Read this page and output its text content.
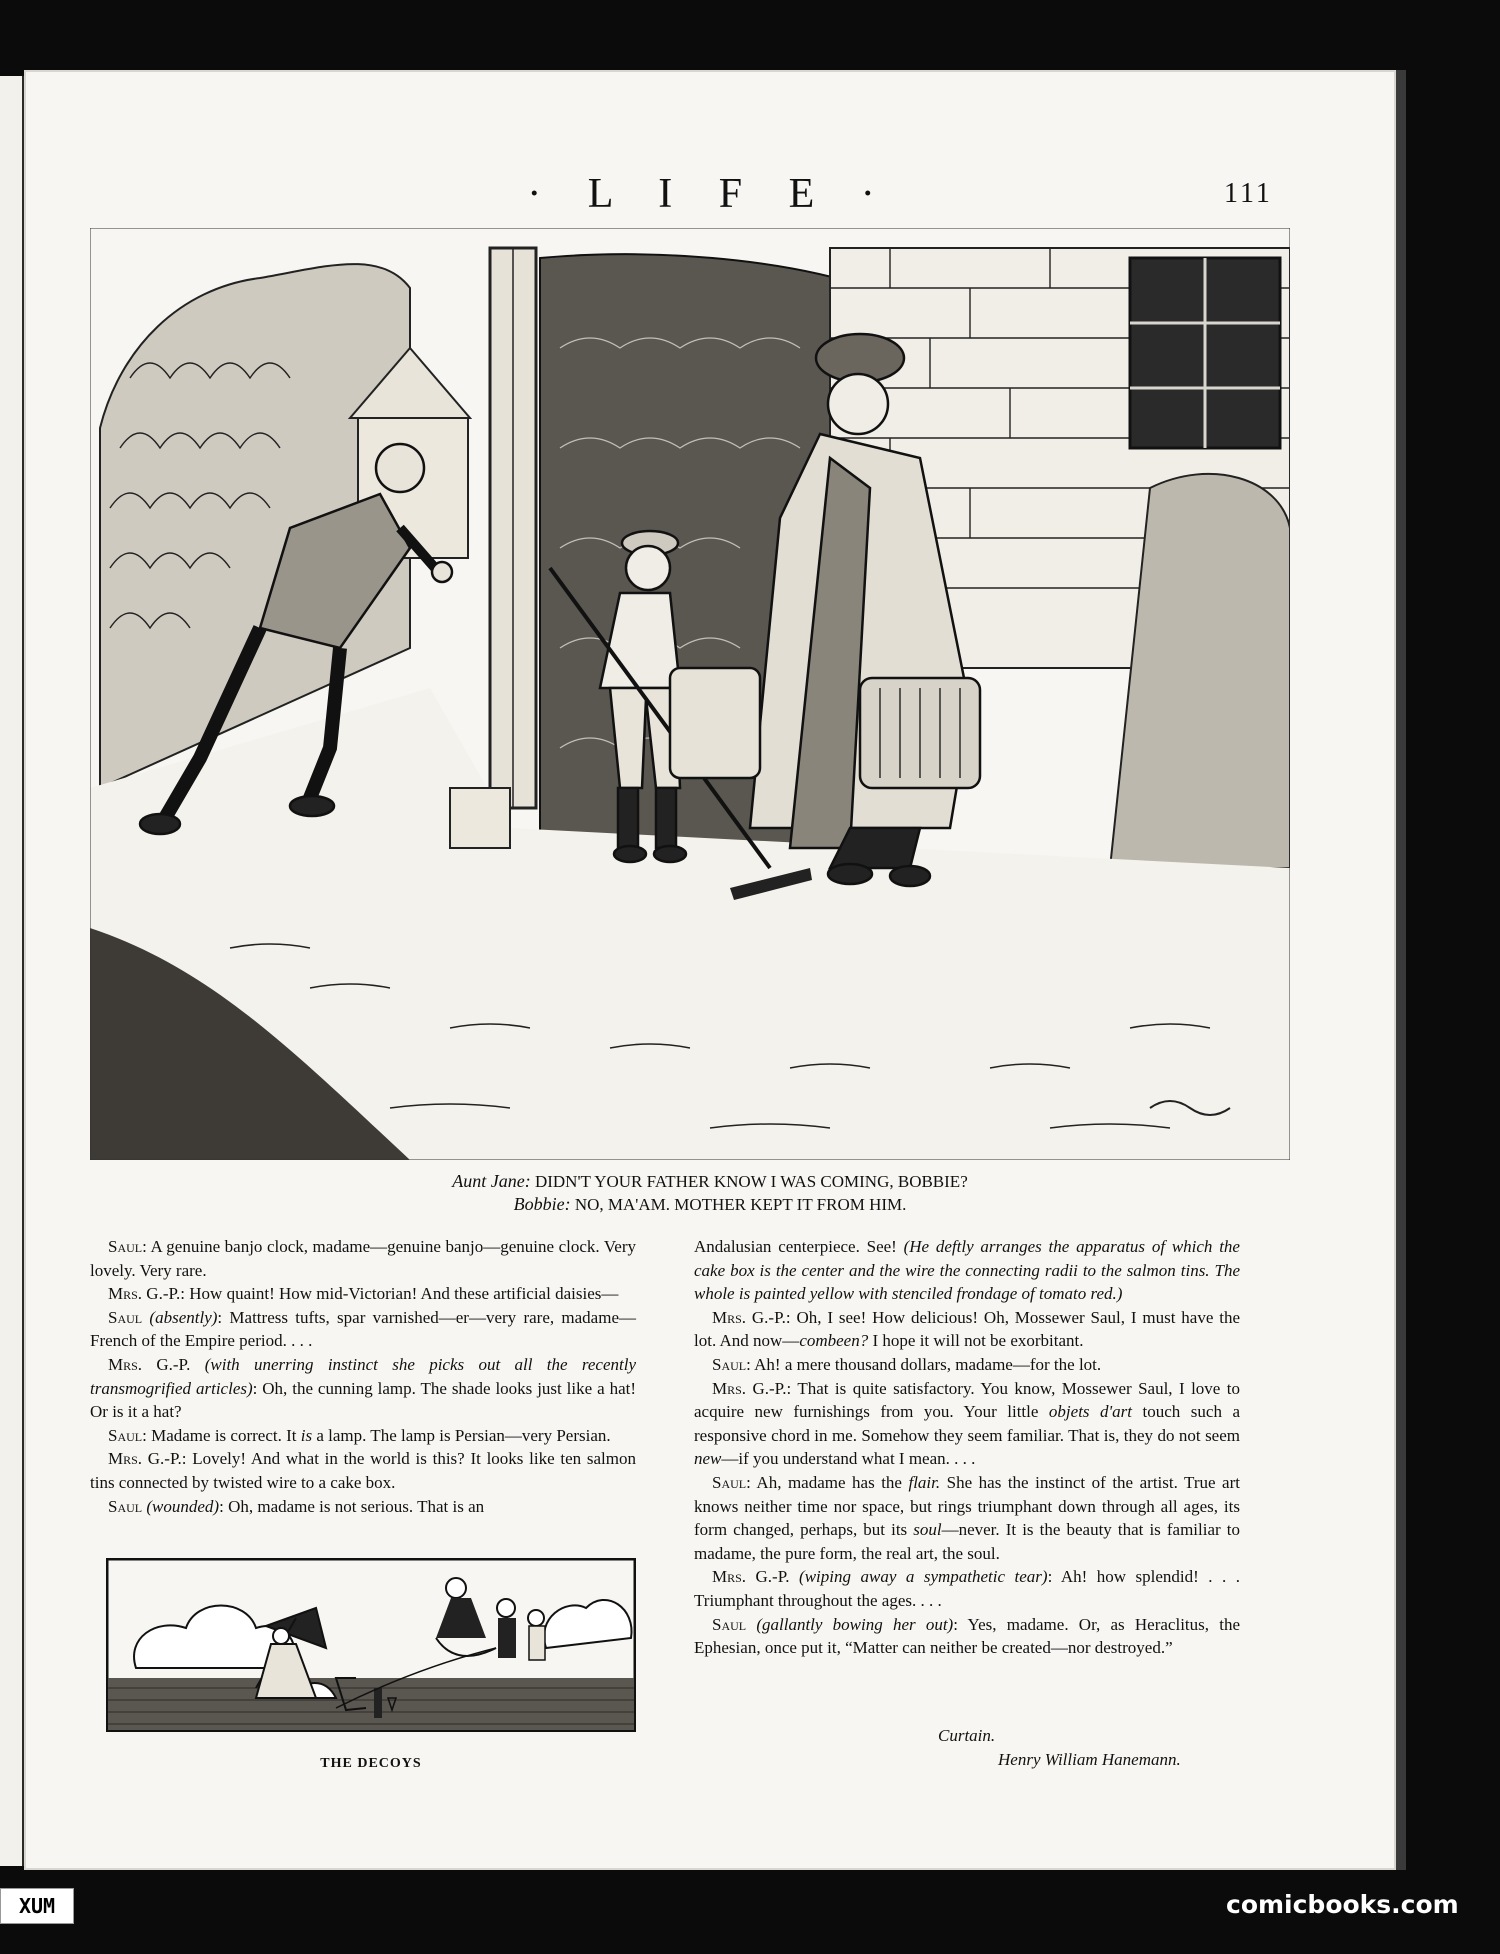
· L I F E ·	111
Aunt Jane: DIDN'T YOUR FATHER KNOW I WAS COMING, BOBBIE?
Bobbie: NO, MA'AM. MOTHER KEPT IT FROM HIM.

Saul: A genuine banjo clock, madame—genuine banjo—genuine clock. Very lovely. Very rare.

Mrs. G.-P.: How quaint! How mid-Victorian! And these artificial daisies—

Saul (absently): Mattress tufts, spar varnished—er—very rare, madame—French of the Empire period. . . .

Mrs. G.-P. (with unerring instinct she picks out all the recently transmogrified articles): Oh, the cunning lamp. The shade looks just like a hat! Or is it a hat?

Saul: Madame is correct. It is a lamp. The lamp is Persian—very Persian.

Mrs. G.-P.: Lovely! And what in the world is this? It looks like ten salmon tins connected by twisted wire to a cake box.

Saul (wounded): Oh, madame is not serious. That is an

Andalusian centerpiece. See! (He deftly arranges the apparatus of which the cake box is the center and the wire the connecting radii to the salmon tins. The whole is painted yellow with stenciled frondage of tomato red.)

Mrs. G.-P.: Oh, I see! How delicious! Oh, Mossewer Saul, I must have the lot. And now—combeen? I hope it will not be exorbitant.

Saul: Ah! a mere thousand dollars, madame—for the lot.

Mrs. G.-P.: That is quite satisfactory. You know, Mossewer Saul, I love to acquire new furnishings from you. Your little objets d'art touch such a responsive chord in me. Somehow they seem familiar. That is, they do not seem new—if you understand what I mean. . . .

Saul: Ah, madame has the flair. She has the instinct of the artist. True art knows neither time nor space, but rings triumphant down through all ages, its form changed, perhaps, but its soul—never. It is the beauty that is familiar to madame, the pure form, the real art, the soul.

Mrs. G.-P. (wiping away a sympathetic tear): Ah! how splendid! . . . Triumphant throughout the ages. . . .

Saul (gallantly bowing her out): Yes, madame. Or, as Heraclitus, the Ephesian, once put it, “Matter can neither be created—nor destroyed.”

Curtain.
Henry William Hanemann.
THE DECOYS
XUM	comicbooks.com
